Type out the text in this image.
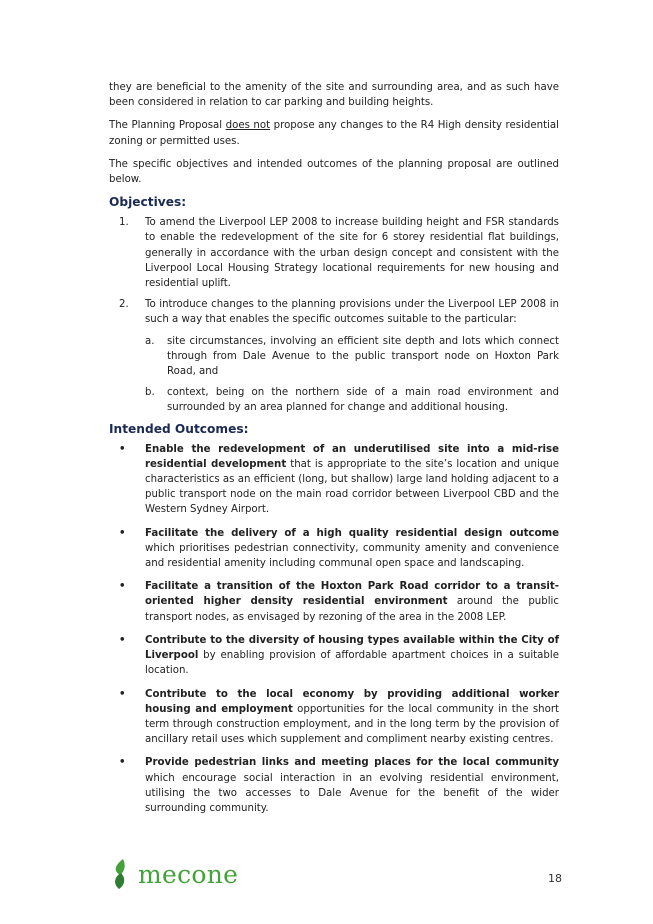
they are beneficial to the amenity of the site and surrounding area, and as such have been considered in relation to car parking and building heights.

The Planning Proposal does not propose any changes to the R4 High density residential zoning or permitted uses.

The specific objectives and intended outcomes of the planning proposal are outlined below.

Objectives:
1. To amend the Liverpool LEP 2008 to increase building height and FSR standards to enable the redevelopment of the site for 6 storey residential flat buildings, generally in accordance with the urban design concept and consistent with the Liverpool Local Housing Strategy locational requirements for new housing and residential uplift.
2. To introduce changes to the planning provisions under the Liverpool LEP 2008 in such a way that enables the specific outcomes suitable to the particular:
a. site circumstances, involving an efficient site depth and lots which connect through from Dale Avenue to the public transport node on Hoxton Park Road, and
b. context, being on the northern side of a main road environment and surrounded by an area planned for change and additional housing.
Intended Outcomes:
• Enable the redevelopment of an underutilised site into a mid-rise residential development that is appropriate to the site’s location and unique characteristics as an efficient (long, but shallow) large land holding adjacent to a public transport node on the main road corridor between Liverpool CBD and the Western Sydney Airport.
• Facilitate the delivery of a high quality residential design outcome which prioritises pedestrian connectivity, community amenity and convenience and residential amenity including communal open space and landscaping.
• Facilitate a transition of the Hoxton Park Road corridor to a transit-oriented higher density residential environment around the public transport nodes, as envisaged by rezoning of the area in the 2008 LEP.
• Contribute to the diversity of housing types available within the City of Liverpool by enabling provision of affordable apartment choices in a suitable location.
• Contribute to the local economy by providing additional worker housing and employment opportunities for the local community in the short term through construction employment, and in the long term by the provision of ancillary retail uses which supplement and compliment nearby existing centres.
• Provide pedestrian links and meeting places for the local community which encourage social interaction in an evolving residential environment, utilising the two accesses to Dale Avenue for the benefit of the wider surrounding community.
mecone	18
